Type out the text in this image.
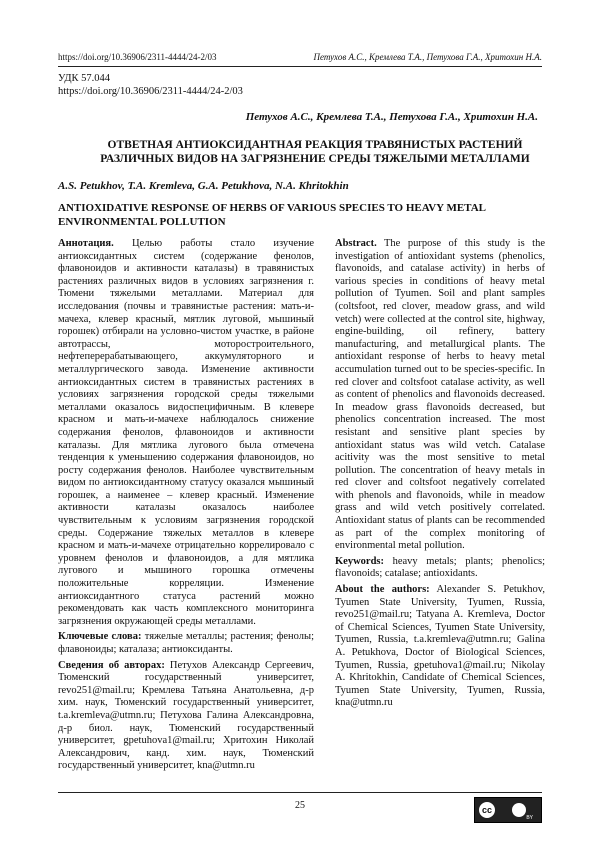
https://doi.org/10.36906/2311-4444/24-2/03	Петухов А.С., Кремлева Т.А., Петухова Г.А., Хритохин Н.А.
УДК 57.044
https://doi.org/10.36906/2311-4444/24-2/03
Петухов А.С., Кремлева Т.А., Петухова Г.А., Хритохин Н.А.
ОТВЕТНАЯ АНТИОКСИДАНТНАЯ РЕАКЦИЯ ТРАВЯНИСТЫХ РАСТЕНИЙ РАЗЛИЧНЫХ ВИДОВ НА ЗАГРЯЗНЕНИЕ СРЕДЫ ТЯЖЕЛЫМИ МЕТАЛЛАМИ
A.S. Petukhov, T.A. Kremleva, G.A. Petukhova, N.A. Khritokhin
ANTIOXIDATIVE RESPONSE OF HERBS OF VARIOUS SPECIES TO HEAVY METAL ENVIRONMENTAL POLLUTION

Аннотация. Целью работы стало изучение антиоксидантных систем (содержание фенолов, флавоноидов и активности каталазы) в травянистых растениях различных видов в условиях загрязнения г. Тюмени тяжелыми металлами. Материал для исследования (почвы и травянистые растения: мать-и-мачеха, клевер красный, мятлик луговой, мышиный горошек) отбирали на условно-чистом участке, в районе автотрассы, моторостроительного, нефтеперерабатывающего, аккумуляторного и металлургического завода. Изменение активности антиоксидантных систем в травянистых растениях в условиях загрязнения городской среды тяжелыми металлами оказалось видоспецифичным. В клевере красном и мать-и-мачехе наблюдалось снижение содержания фенолов, флавоноидов и активности каталазы. Для мятлика лугового была отмечена тенденция к уменьшению содержания флавоноидов, но росту содержания фенолов. Наиболее чувствительным видом по антиоксидантному статусу оказался мышиный горошек, а наименее – клевер красный. Изменение активности каталазы оказалось наиболее чувствительным к условиям загрязнения городской среды. Содержание тяжелых металлов в клевере красном и мать-и-мачехе отрицательно коррелировало с уровнем фенолов и флавоноидов, а для мятлика лугового и мышиного горошка отмечены положительные корреляции. Изменение антиоксидантного статуса растений можно рекомендовать как часть комплексного мониторинга загрязнения окружающей среды металлами.

Ключевые слова: тяжелые металлы; растения; фенолы; флавоноиды; каталаза; антиоксиданты.

Сведения об авторах: Петухов Александр Сергеевич, Тюменский государственный университет, revo251@mail.ru; Кремлева Татьяна Анатольевна, д-р хим. наук, Тюменский государственный университет, t.a.kremleva@utmn.ru; Петухова Галина Александровна, д-р биол. наук, Тюменский государственный университет, gpetuhova1@mail.ru; Хритохин Николай Александрович, канд. хим. наук, Тюменский государственный университет, kna@utmn.ru

Abstract. The purpose of this study is the investigation of antioxidant systems (phenolics, flavonoids, and catalase activity) in herbs of various species in conditions of heavy metal pollution of Tyumen. Soil and plant samples (coltsfoot, red clover, meadow grass, and wild vetch) were collected at the control site, highway, engine-building, oil refinery, battery manufacturing, and metallurgical plants. The antioxidant response of herbs to heavy metal accumulation turned out to be species-specific. In red clover and coltsfoot catalase activity, as well as content of phenolics and flavonoids decreased. In meadow grass flavonoids decreased, but phenolics concentration increased. The most resistant and sensitive plant species by antioxidant status was wild vetch. Catalase acitivity was the most sensitive to metal pollution. The concentration of heavy metals in red clover and coltsfoot negatively correlated with phenols and flavonoids, while in meadow grass and wild vetch positively correlated. Antioxidant status of plants can be recommended as part of the complex monitoring of environmental metal pollution.

Keywords: heavy metals; plants; phenolics; flavonoids; catalase; antioxidants.

About the authors: Alexander S. Petukhov, Tyumen State University, Tyumen, Russia, revo251@mail.ru; Tatyana A. Kremleva, Doctor of Chemical Sciences, Tyumen State University, Tyumen, Russia, t.a.kremleva@utmn.ru; Galina A. Petukhova, Doctor of Biological Sciences, Tyumen, Russia, gpetuhova1@mail.ru; Nikolay A. Khritokhin, Candidate of Chemical Sciences, Tyumen State University, Tyumen, Russia, kna@utmn.ru

25	cc
BY
